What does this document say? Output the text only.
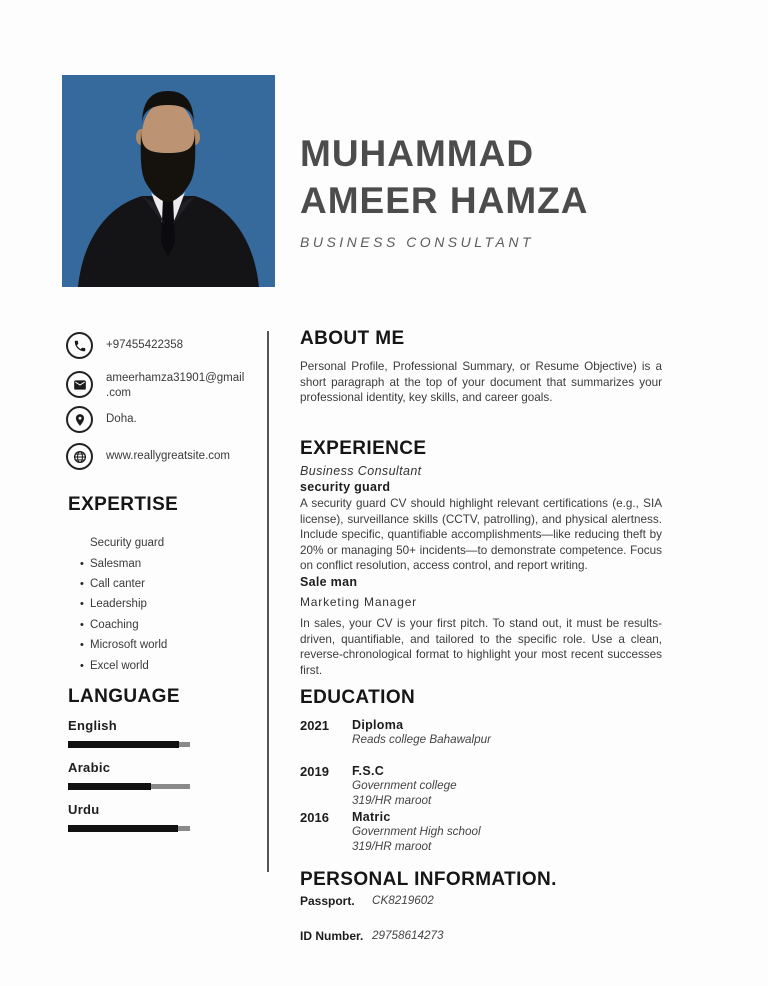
MUHAMMAD
AMEER HAMZA
BUSINESS CONSULTANT
+97455422358
ameerhamza31901@gmail .com
Doha.
www.reallygreatsite.com
EXPERTISE
Security guard
• Salesman
• Call canter
• Leadership
• Coaching
• Microsoft world
• Excel world
LANGUAGE
English
Arabic
Urdu
ABOUT ME
Personal Profile, Professional Summary, or Resume Objective) is a short paragraph at the top of your document that summarizes your professional identity, key skills, and career goals.
EXPERIENCE
Business Consultant
security guard
A security guard CV should highlight relevant certifications (e.g., SIA license), surveillance skills (CCTV, patrolling), and physical alertness. Include specific, quantifiable accomplishments—like reducing theft by 20% or managing 50+ incidents—to demonstrate competence. Focus on conflict resolution, access control, and report writing.
Sale man
Marketing Manager
In sales, your CV is your first pitch. To stand out, it must be results-driven, quantifiable, and tailored to the specific role. Use a clean, reverse-chronological format to highlight your most recent successes first.
EDUCATION
2021	Diploma
Reads college Bahawalpur
2019	F.S.C
Government college
319/HR maroot
2016	Matric
Government High school
319/HR maroot
PERSONAL INFORMATION.
Passport.	CK8219602
ID Number. 29758614273
